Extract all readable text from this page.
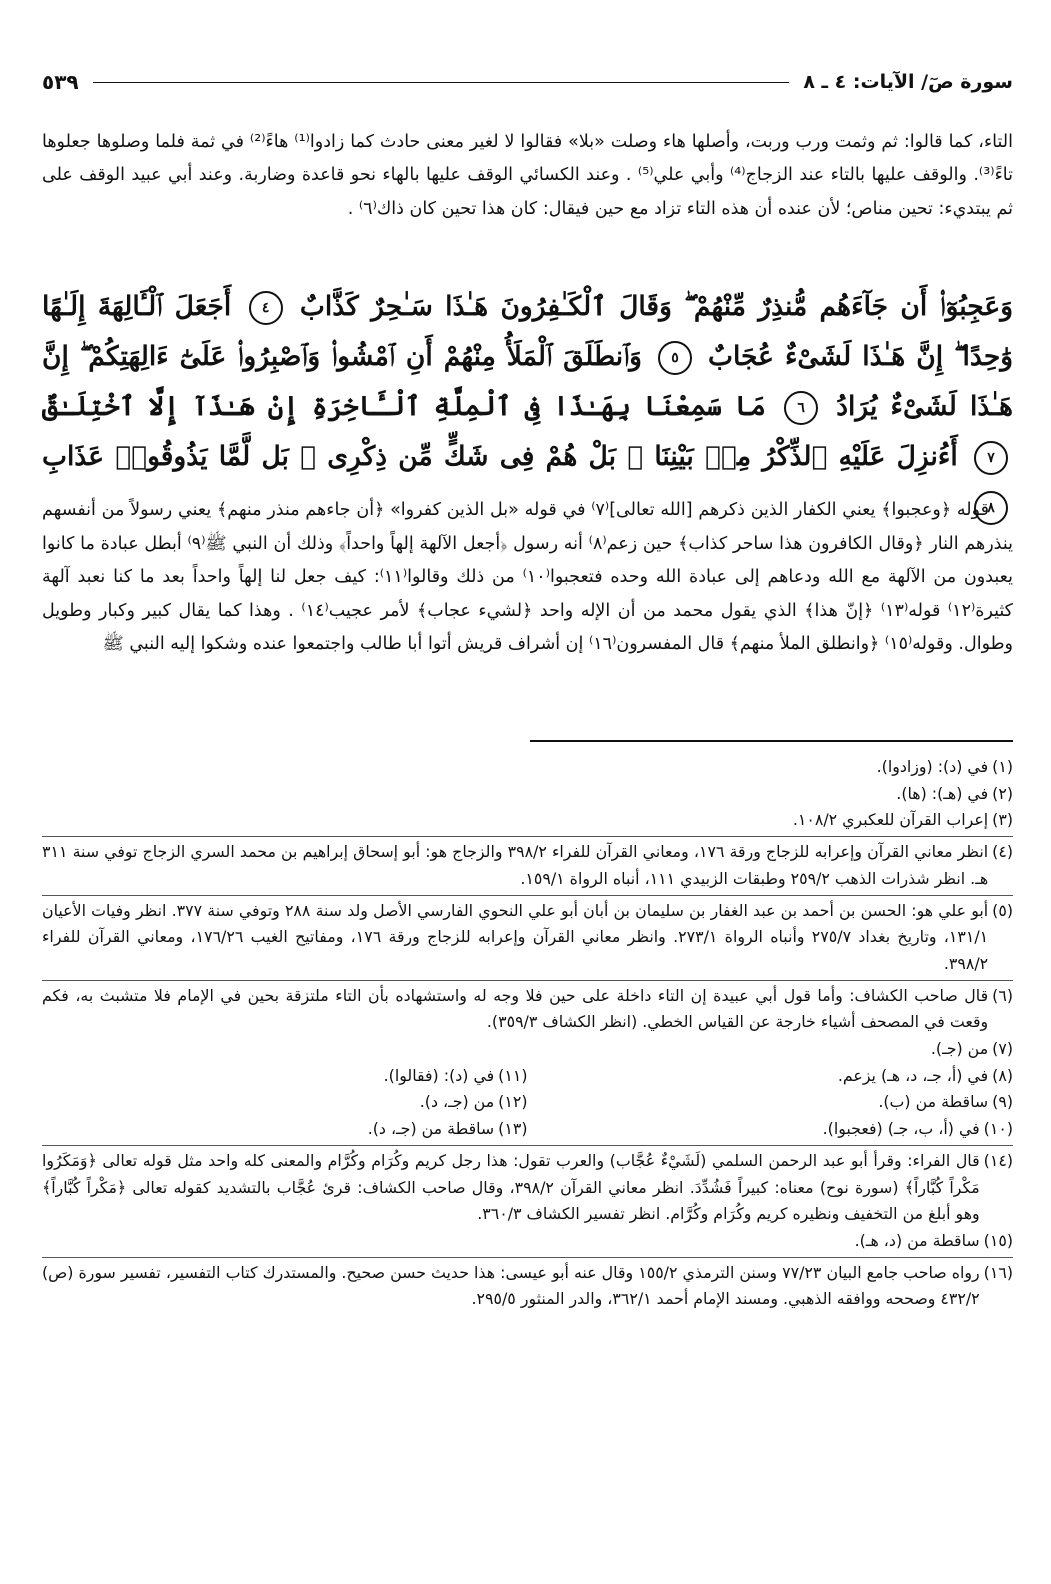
سورة صٓ/ الآيات: ٤ ـ ٨
٥٣٩
التاء، كما قالوا: ثم وثمت ورب وربت، وأصلها هاء وصلت «بلا» فقالوا لا لغير معنى حادث كما زادوا⁽¹⁾ هاءً⁽²⁾ في ثمة فلما وصلوها جعلوها تاءً⁽³⁾. والوقف عليها بالتاء عند الزجاج⁽⁴⁾ وأبي علي⁽⁵⁾ . وعند الكسائي الوقف عليها بالهاء نحو قاعدة وضاربة. وعند أبي عبيد الوقف على ثم يبتديء: تحين مناص؛ لأن عنده أن هذه التاء تزاد مع حين فيقال: كان هذا تحين كان ذاك⁽٦⁾ .
وَعَجِبُوٓا۟ أَن جَآءَهُم مُّنذِرٌ مِّنْهُمْ ۖ وَقَالَ ٱلْكَـٰفِرُونَ هَـٰذَا سَـٰحِرٌ كَذَّابٌ ٤ أَجَعَلَ ٱلْـَٔالِهَةَ إِلَـٰهًا وَٰحِدًا ۖ إِنَّ هَـٰذَا لَشَىْءٌ عُجَابٌ ٥ وَٱنطَلَقَ ٱلْمَلَأُ مِنْهُمْ أَنِ ٱمْشُوا۟ وَٱصْبِرُوا۟ عَلَىٰٓ ءَالِهَتِكُمْ ۖ إِنَّ هَـٰذَا لَشَىْءٌ يُرَادُ ٦ مَا سَمِعْنَا بِهَـٰذَا فِى ٱلْمِلَّةِ ٱلْـَٔاخِرَةِ إِنْ هَـٰذَآ إِلَّا ٱخْتِلَـٰقٌ ٧ أَءُنزِلَ عَلَيْهِ ٱلذِّكْرُ مِنۢ بَيْنِنَا ۚ بَلْ هُمْ فِى شَكٍّ مِّن ذِكْرِى ۖ بَل لَّمَّا يَذُوقُوا۟ عَذَابِ ٨

قوله ﴿وعجبوا﴾ يعني الكفار الذين ذكرهم [الله تعالى]⁽٧⁾ في قوله «بل الذين كفروا» ﴿أن جاءهم منذر منهم﴾ يعني رسولاً من أنفسهم ينذرهم النار ﴿وقال الكافرون هذا ساحر كذاب﴾ حين زعم⁽٨⁾ أنه رسول ﴿أجعل الآلهة إلهاً واحداً﴾ وذلك أن النبي ﷺ⁽٩⁾ أبطل عبادة ما كانوا يعبدون من الآلهة مع الله ودعاهم إلى عبادة الله وحده فتعجبوا⁽١٠⁾ من ذلك وقالوا⁽١١⁾: كيف جعل لنا إلهاً واحداً بعد ما كنا نعبد آلهة كثيرة⁽١٢⁾ قوله⁽١٣⁾ ﴿إنّ هذا﴾ الذي يقول محمد من أن الإله واحد ﴿لشيء عجاب﴾ لأمر عجيب⁽١٤⁾ . وهذا كما يقال كبير وكبار وطويل وطوال. وقوله⁽١٥⁾ ﴿وانطلق الملأ منهم﴾ قال المفسرون⁽١٦⁾ إن أشراف قريش أتوا أبا طالب واجتمعوا عنده وشكوا إليه النبي ﷺ

(١)
في (د): (وزادوا).
(٢)
في (هـ): (ها).
(٣)
إعراب القرآن للعكبري ١٠٨/٢.
(٤)
انظر معاني القرآن وإعرابه للزجاج ورقة ١٧٦، ومعاني القرآن للفراء ٣٩٨/٢ والزجاج هو: أبو إسحاق إبراهيم بن محمد السري الزجاج توفي سنة ٣١١ هـ. انظر شذرات الذهب ٢٥٩/٢ وطبقات الزبيدي ١١١، أنباه الرواة ١٥٩/١.
(٥)
أبو علي هو: الحسن بن أحمد بن عبد الغفار بن سليمان بن أبان أبو علي النحوي الفارسي الأصل ولد سنة ٢٨٨ وتوفي سنة ٣٧٧. انظر وفيات الأعيان ١٣١/١، وتاريخ بغداد ٢٧٥/٧ وأنباه الرواة ٢٧٣/١. وانظر معاني القرآن وإعرابه للزجاج ورقة ١٧٦، ومفاتيح الغيب ١٧٦/٢٦، ومعاني القرآن للفراء ٣٩٨/٢.
(٦)
قال صاحب الكشاف: وأما قول أبي عبيدة إن التاء داخلة على حين فلا وجه له واستشهاده بأن التاء ملتزقة بحين في الإمام فلا متشبث به، فكم وقعت في المصحف أشياء خارجة عن القياس الخطي. (انظر الكشاف ٣٥٩/٣).
(٧)
من (جـ).
(٨)
في (أ، جـ، د، هـ) يزعم.
(١١)
في (د): (فقالوا).
(٩)
ساقطة من (ب).
(١٢)
من (جـ، د).
(١٠)
في (أ، ب، جـ) (فعجبوا).
(١٣)
ساقطة من (جـ، د).
(١٤)
قال الفراء: وقرأ أبو عبد الرحمن السلمي (لَشَيْءٌ عُجَّاب) والعرب تقول: هذا رجل كريم وكُرَام وكُرَّام والمعنى كله واحد مثل قوله تعالى ﴿وَمَكَرُوا مَكْراً كُبَّاراً﴾ (سورة نوح) معناه: كبيراً فَشُدِّدَ. انظر معاني القرآن ٣٩٨/٢، وقال صاحب الكشاف: قرئ عُجَّاب بالتشديد كقوله تعالى ﴿مَكْراً كُبَّاراً﴾ وهو أبلغ من التخفيف ونظيره كريم وكُرَام وكُرَّام. انظر تفسير الكشاف ٣٦٠/٣.
(١٥)
ساقطة من (د، هـ).
(١٦)
رواه صاحب جامع البيان ٧٧/٢٣ وسنن الترمذي ١٥٥/٢ وقال عنه أبو عيسى: هذا حديث حسن صحيح. والمستدرك كتاب التفسير، تفسير سورة (ص) ٤٣٢/٢ وصححه ووافقه الذهبي. ومسند الإمام أحمد ٣٦٢/١، والدر المنثور ٢٩٥/٥.
